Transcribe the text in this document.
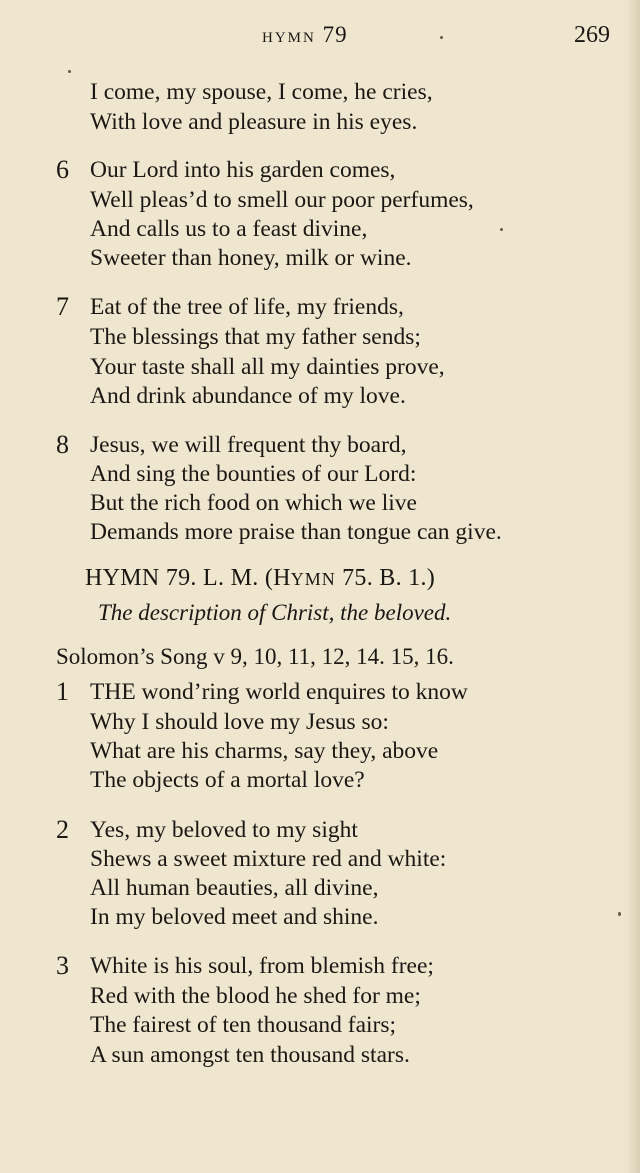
HYMN 79	269
I come, my spouse, I come, he cries,
With love and pleasure in his eyes.
6 Our Lord into his garden comes,
Well pleas’d to smell our poor perfumes,
And calls us to a feast divine,
Sweeter than honey, milk or wine.
7 Eat of the tree of life, my friends,
The blessings that my father sends;
Your taste shall all my dainties prove,
And drink abundance of my love.
8 Jesus, we will frequent thy board,
And sing the bounties of our Lord:
But the rich food on which we live
Demands more praise than tongue can give.
HYMN 79. L. M. (HYMN 75. B. 1.)
The description of Christ, the beloved.
Solomon’s Song v 9, 10, 11, 12, 14. 15, 16.
1 THE wond’ring world enquires to know
Why I should love my Jesus so:
What are his charms, say they, above
The objects of a mortal love?
2 Yes, my beloved to my sight
Shews a sweet mixture red and white:
All human beauties, all divine,
In my beloved meet and shine.
3 White is his soul, from blemish free;
Red with the blood he shed for me;
The fairest of ten thousand fairs;
A sun amongst ten thousand stars.
